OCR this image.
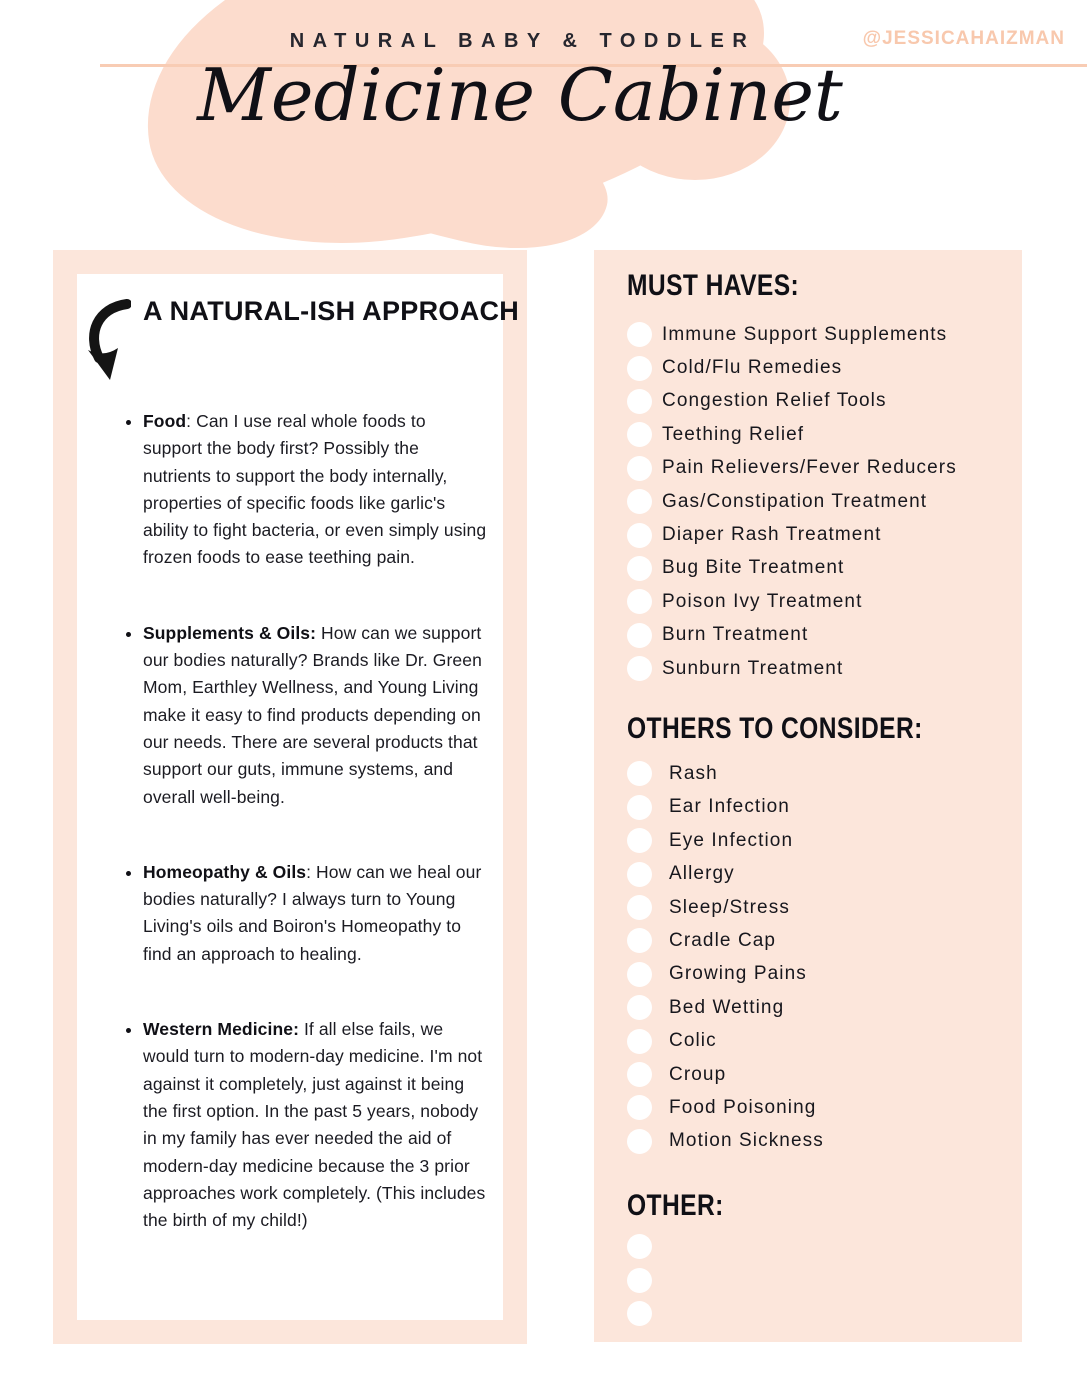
NATURAL BABY & TODDLER	@JESSICAHAIZMAN
Medicine Cabinet
A NATURAL-ISH APPROACH
• Food: Can I use real whole foods to support the body first? Possibly the nutrients to support the body internally, properties of specific foods like garlic's ability to fight bacteria, or even simply using frozen foods to ease teething pain.
• Supplements & Oils: How can we support our bodies naturally? Brands like Dr. Green Mom, Earthley Wellness, and Young Living make it easy to find products depending on our needs. There are several products that support our guts, immune systems, and overall well-being.
• Homeopathy & Oils: How can we heal our bodies naturally? I always turn to Young Living's oils and Boiron's Homeopathy to find an approach to healing.
• Western Medicine: If all else fails, we would turn to modern-day medicine. I'm not against it completely, just against it being the first option. In the past 5 years, nobody in my family has ever needed the aid of modern-day medicine because the 3 prior approaches work completely. (This includes the birth of my child!)
MUST HAVES:
Immune Support Supplements
Cold/Flu Remedies
Congestion Relief Tools
Teething Relief
Pain Relievers/Fever Reducers
Gas/Constipation Treatment
Diaper Rash Treatment
Bug Bite Treatment
Poison Ivy Treatment
Burn Treatment
Sunburn Treatment
OTHERS TO CONSIDER:
Rash
Ear Infection
Eye Infection
Allergy
Sleep/Stress
Cradle Cap
Growing Pains
Bed Wetting
Colic
Croup
Food Poisoning
Motion Sickness
OTHER:
